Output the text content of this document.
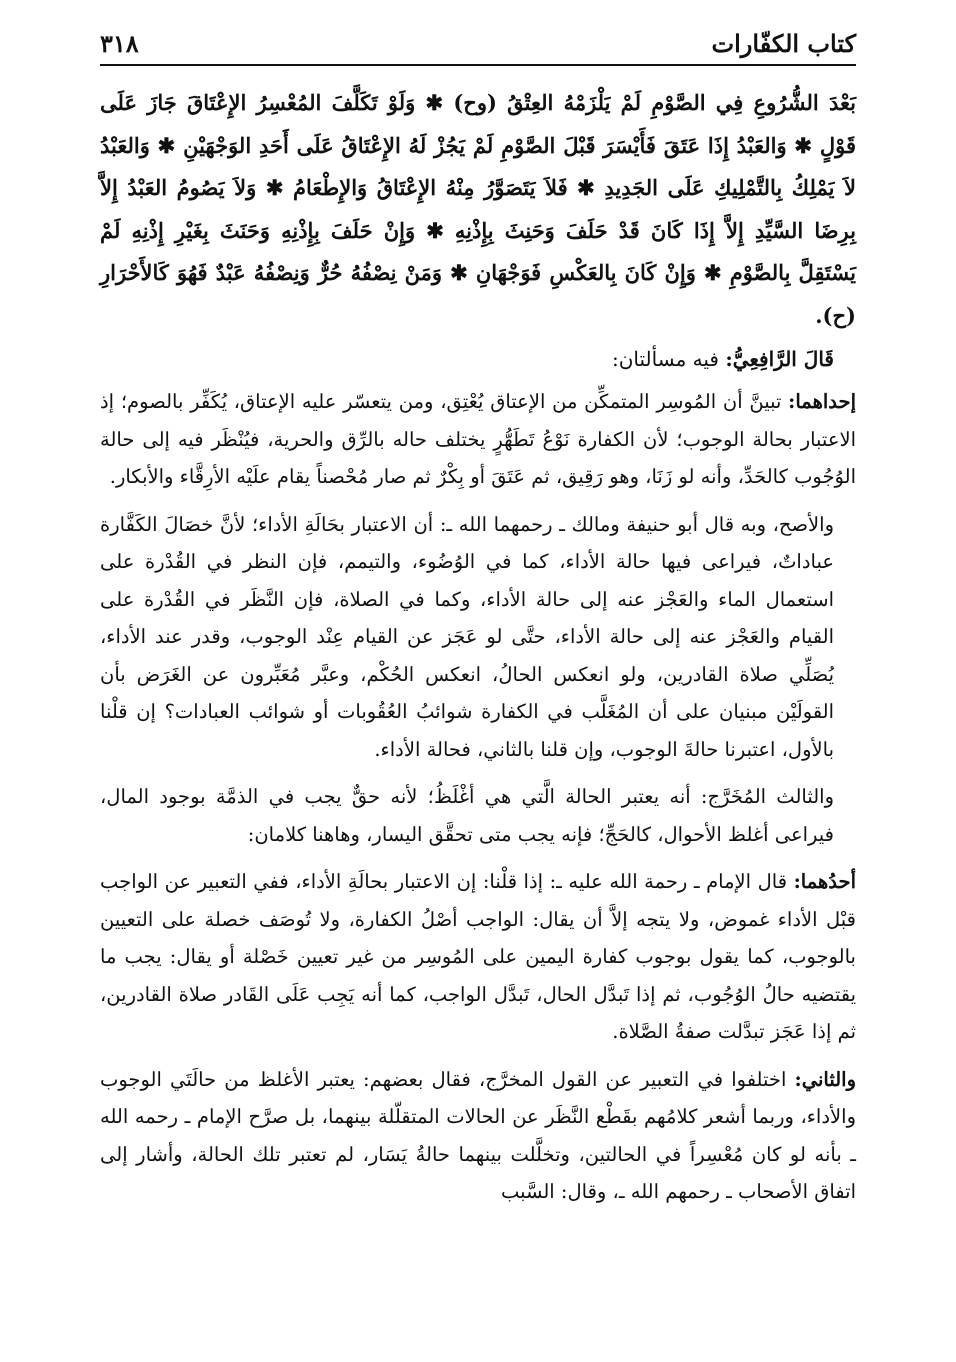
كتاب الكفّارات
٣١٨

بَعْدَ الشُّرُوعِ فِي الصَّوْمِ لَمْ يَلْزَمْهُ العِتْقُ (وح) ✱ وَلَوْ تَكَلَّفَ المُعْسِرُ الإِعْتَاقَ جَازَ عَلَى قَوْلٍ ✱ وَالعَبْدُ إِذَا عَتَقَ فَأَيْسَرَ قَبْلَ الصَّوْمِ لَمْ يَجُزْ لَهُ الإِعْتَاقُ عَلَى أَحَدِ الوَجْهَيْنِ ✱ وَالعَبْدُ لاَ يَمْلِكُ بِالتَّمْلِيكِ عَلَى الجَدِيدِ ✱ فَلاَ يَتَصَوَّرُ مِنْهُ الإِعْتَاقُ وَالإِطْعَامُ ✱ وَلاَ يَصُومُ العَبْدُ إِلاَّ بِرِضَا السَّيِّدِ إِلاَّ إِذَا كَانَ قَدْ حَلَفَ وَحَنِثَ بِإِذْنِهِ ✱ وَإِنْ حَلَفَ بِإِذْنِهِ وَحَنَثَ بِغَيْرِ إِذْنِهِ لَمْ يَسْتَقِلَّ بِالصَّوْمِ ✱ وَإِنْ كَانَ بِالعَكْسِ فَوَجْهَانِ ✱ وَمَنْ نِصْفُهُ حُرٌّ وَنِصْفُهُ عَبْدٌ فَهُوَ كَالأَحْرَارِ (ح).

قَالَ الرَّافِعِيُّ: فيه مسألتان:

إحداهما: تبينَّ أن المُوسِر المتمكِّن من الإعتاق يُعْتِق، ومن يتعسّر عليه الإعتاق، يُكَفِّر بالصوم؛ إذ الاعتبار بحالة الوجوب؛ لأن الكفارة نَوْعُ تَطَهُّرٍ يختلف حاله بالرِّق والحرية، فيُنْظَر فيه إلى حالة الوُجُوب كالحَدِّ، وأنه لو زَنَا، وهو رَقِيق، ثم عَتَقَ أو بِكْرٌ ثم صار مُحْصناً يقام علَيْه الأرِقَّاء والأبكار.

والأصح، وبه قال أبو حنيفة ومالك ـ رحمهما الله ـ: أن الاعتبار بحَالَةِ الأداء؛ لأنَّ خصَالَ الكَفَّارة عباداتٌ، فيراعى فيها حالة الأداء، كما في الوُضُوء، والتيمم، فإن النظر في القُدْرة على استعمال الماء والعَجْز عنه إلى حالة الأداء، وكما في الصلاة، فإن النَّظَر في القُدْرة على القيام والعَجْز عنه إلى حالة الأداء، حتَّى لو عَجَز عن القيام عِنْد الوجوب، وقدر عند الأداء، يُصَلِّي صلاة القادرين، ولو انعكس الحالُ، انعكس الحُكْم، وعبَّر مُعَبِّرون عن الغَرَض بأن القولَيْن مبنيان على أن المُغَلَّب في الكفارة شوائبُ العُقُوبات أو شوائب العبادات؟ إن قلْنا بالأول، اعتبرنا حالةَ الوجوب، وإن قلنا بالثاني، فحالة الأداء.

والثالث المُخَرَّج: أنه يعتبر الحالة الَّتي هي أغْلَظُ؛ لأنه حقٌّ يجب في الذمَّة بوجود المال، فيراعى أغلظ الأحوال، كالحَجِّ؛ فإنه يجب متى تحقَّق اليسار، وهاهنا كلامان:

أحدُهما: قال الإمام ـ رحمة الله عليه ـ: إذا قلْنا: إن الاعتبار بحالَةِ الأداء، ففي التعبير عن الواجب قبْل الأداء غموض، ولا يتجه إلاَّ أن يقال: الواجب أصْلُ الكفارة، ولا تُوصَف خصلة على التعيين بالوجوب، كما يقول بوجوب كفارة اليمين على المُوسِر من غير تعيين خَصْلة أو يقال: يجب ما يقتضيه حالُ الوُجُوب، ثم إذا تَبدَّل الحال، تَبدَّل الواجب، كما أنه يَجِب عَلَى القَادر صلاة القادرين، ثم إذا عَجَز تبدَّلت صفةُ الصَّلاة.

والثاني: اختلفوا في التعبير عن القول المخرَّج، فقال بعضهم: يعتبر الأغلظ من حالَتَي الوجوب والأداء، وربما أشعر كلامُهم بقَطْع النَّظَر عن الحالات المتقلّلة بينهما، بل صرَّح الإمام ـ رحمه الله ـ بأنه لو كان مُعْسِراً في الحالتين، وتخلَّلت بينهما حالةُ يَسَار، لم تعتبر تلك الحالة، وأشار إلى اتفاق الأصحاب ـ رحمهم الله ـ، وقال: السَّبب
